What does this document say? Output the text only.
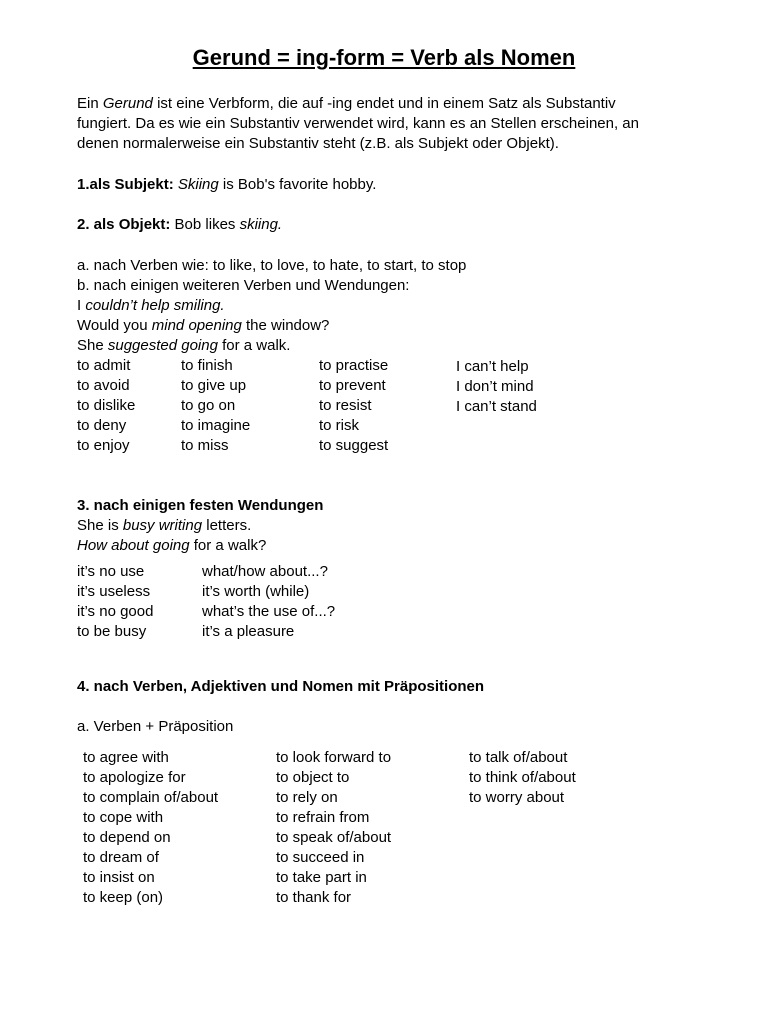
Gerund = ing-form = Verb als Nomen
Ein Gerund ist eine Verbform, die auf -ing endet und in einem Satz als Substantiv
fungiert. Da es wie ein Substantiv verwendet wird, kann es an Stellen erscheinen, an
denen normalerweise ein Substantiv steht (z.B. als Subjekt oder Objekt).
1.als Subjekt: Skiing is Bob's favorite hobby.
2. als Objekt: Bob likes skiing.
a. nach Verben wie: to like, to love, to hate, to start, to stop
b. nach einigen weiteren Verben und Wendungen:
I couldn’t help smiling.
Would you mind opening the window?
She suggested going for a walk.
to admit
to avoid
to dislike
to deny
to enjoy
to finish
to give up
to go on
to imagine
to miss
to practise
to prevent
to resist
to risk
to suggest
I can’t help
I don’t mind
I can’t stand
3. nach einigen festen Wendungen
She is busy writing letters.
How about going for a walk?
it’s no use
it’s useless
it’s no good
to be busy
what/how about...?
it’s worth (while)
what’s the use of...?
it’s a pleasure
4. nach Verben, Adjektiven und Nomen mit Präpositionen
a. Verben + Präposition
to agree with
to apologize for
to complain of/about
to cope with
to depend on
to dream of
to insist on
to keep (on)
to look forward to
to object to
to rely on
to refrain from
to speak of/about
to succeed in
to take part in
to thank for
to talk of/about
to think of/about
to worry about
